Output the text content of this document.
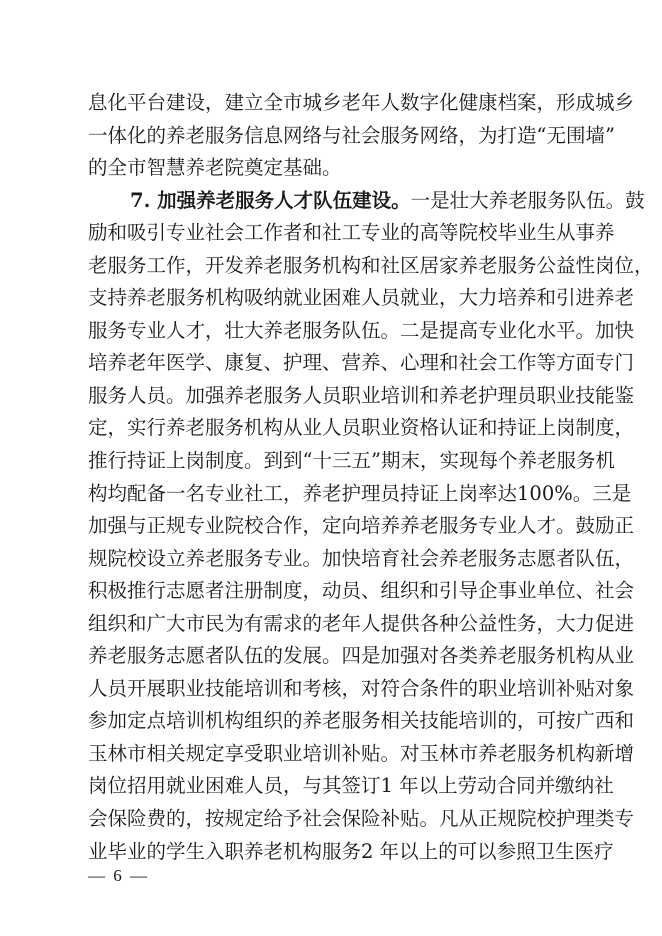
息化平台建设，建立全市城乡老年人数字化健康档案，形成城乡
一体化的养老服务信息网络与社会服务网络，为打造“无围墙”
的全市智慧养老院奠定基础。
7. 加强养老服务人才队伍建设。一是壮大养老服务队伍。鼓
励和吸引专业社会工作者和社工专业的高等院校毕业生从事养
老服务工作，开发养老服务机构和社区居家养老服务公益性岗位，
支持养老服务机构吸纳就业困难人员就业，大力培养和引进养老
服务专业人才，壮大养老服务队伍。二是提高专业化水平。加快
培养老年医学、康复、护理、营养、心理和社会工作等方面专门
服务人员。加强养老服务人员职业培训和养老护理员职业技能鉴
定，实行养老服务机构从业人员职业资格认证和持证上岗制度，
推行持证上岗制度。到到“十三五”期末，实现每个养老服务机
构均配备一名专业社工，养老护理员持证上岗率达100%。三是
加强与正规专业院校合作，定向培养养老服务专业人才。鼓励正
规院校设立养老服务专业。加快培育社会养老服务志愿者队伍，
积极推行志愿者注册制度，动员、组织和引导企事业单位、社会
组织和广大市民为有需求的老年人提供各种公益性务，大力促进
养老服务志愿者队伍的发展。四是加强对各类养老服务机构从业
人员开展职业技能培训和考核，对符合条件的职业培训补贴对象
参加定点培训机构组织的养老服务相关技能培训的，可按广西和
玉林市相关规定享受职业培训补贴。对玉林市养老服务机构新增
岗位招用就业困难人员，与其签订1 年以上劳动合同并缴纳社
会保险费的，按规定给予社会保险补贴。凡从正规院校护理类专
业毕业的学生入职养老机构服务2 年以上的可以参照卫生医疗
— 6 —
